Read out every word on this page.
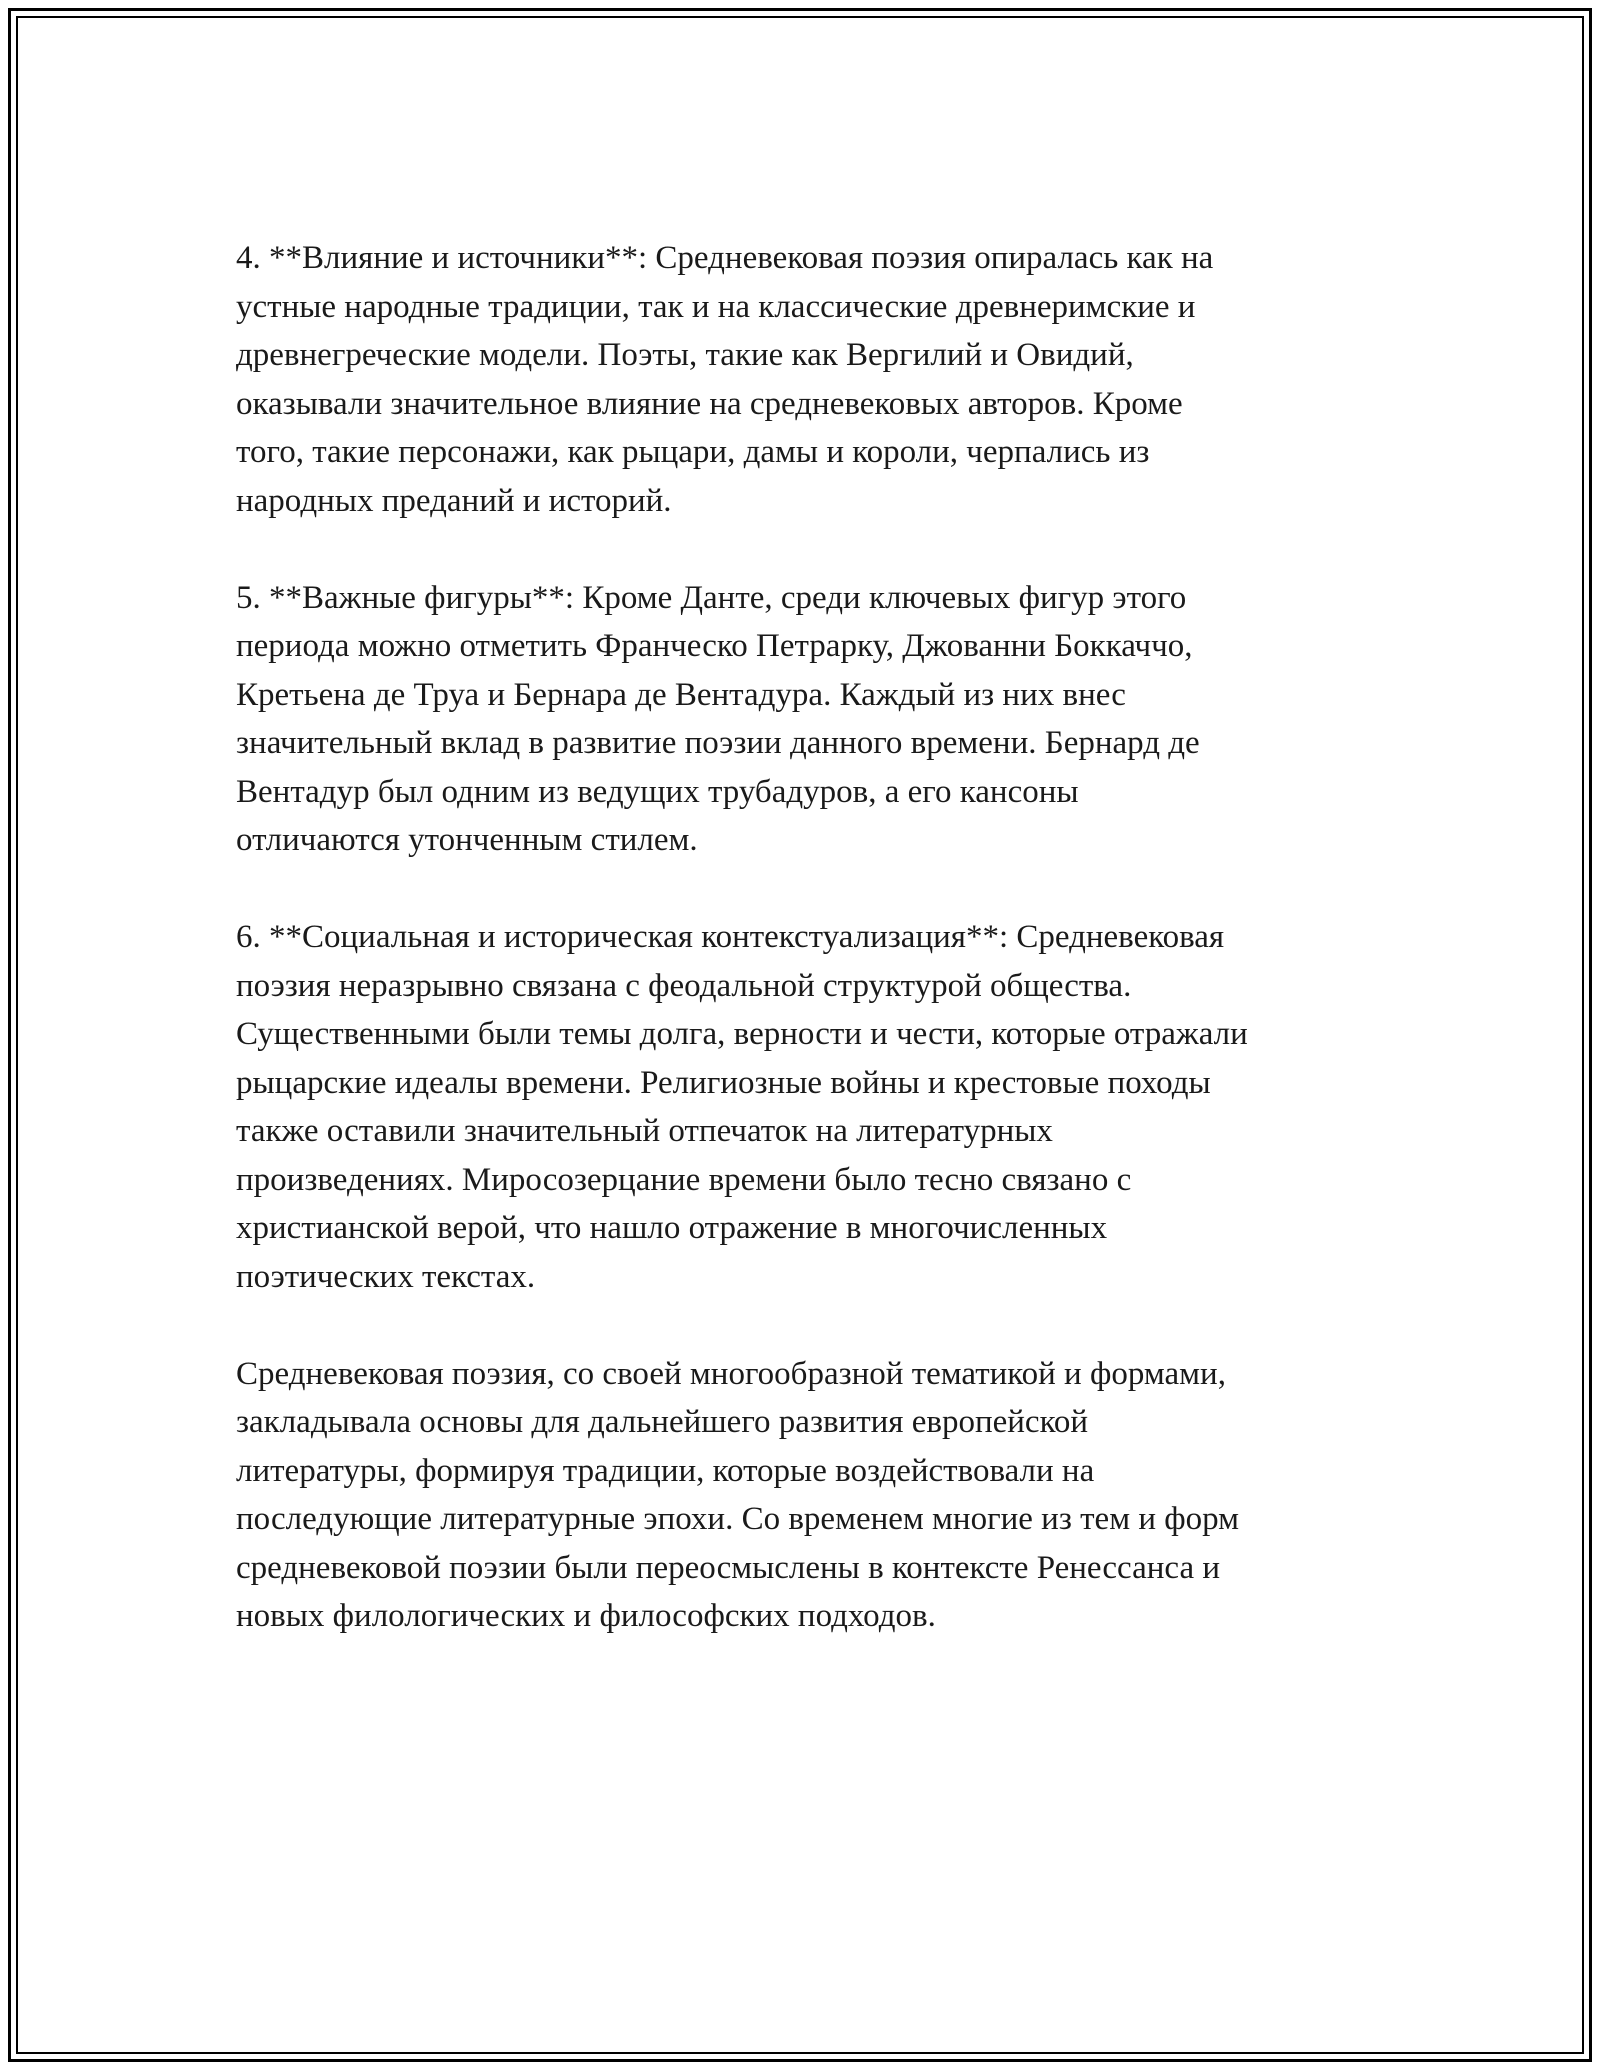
4. **Влияние и источники**: Средневековая поэзия опиралась как на
устные народные традиции, так и на классические древнеримские и
древнегреческие модели. Поэты, такие как Вергилий и Овидий,
оказывали значительное влияние на средневековых авторов. Кроме
того, такие персонажи, как рыцари, дамы и короли, черпались из
народных преданий и историй.

5. **Важные фигуры**: Кроме Данте, среди ключевых фигур этого
периода можно отметить Франческо Петрарку, Джованни Боккаччо,
Кретьена де Труа и Бернара де Вентадура. Каждый из них внес
значительный вклад в развитие поэзии данного времени. Бернард де
Вентадур был одним из ведущих трубадуров, а его кансоны
отличаются утонченным стилем.

6. **Социальная и историческая контекстуализация**: Средневековая
поэзия неразрывно связана с феодальной структурой общества.
Существенными были темы долга, верности и чести, которые отражали
рыцарские идеалы времени. Религиозные войны и крестовые походы
также оставили значительный отпечаток на литературных
произведениях. Миросозерцание времени было тесно связано с
христианской верой, что нашло отражение в многочисленных
поэтических текстах.

Средневековая поэзия, со своей многообразной тематикой и формами,
закладывала основы для дальнейшего развития европейской
литературы, формируя традиции, которые воздействовали на
последующие литературные эпохи. Со временем многие из тем и форм
средневековой поэзии были переосмыслены в контексте Ренессанса и
новых филологических и философских подходов.
